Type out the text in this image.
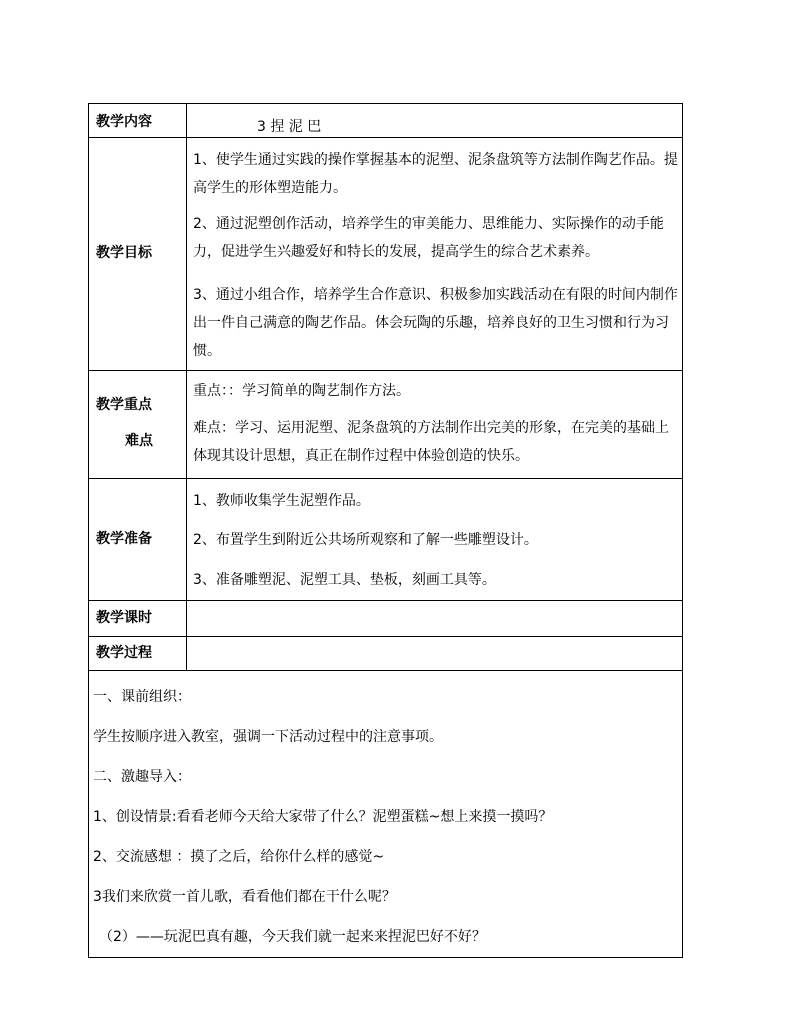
教学内容	3 捏 泥 巴
教学目标

1、使学生通过实践的操作掌握基本的泥塑、泥条盘筑等方法制作陶艺作品。提高学生的形体塑造能力。

2、通过泥塑创作活动，培养学生的审美能力、思维能力、实际操作的动手能力，促进学生兴趣爱好和特长的发展，提高学生的综合艺术素养。

3、通过小组合作，培养学生合作意识、积极参加实践活动在有限的时间内制作出一件自己满意的陶艺作品。体会玩陶的乐趣，培养良好的卫生习惯和行为习惯。

教学重点
难点
重点：：学习简单的陶艺制作方法。

难点：学习、运用泥塑、泥条盘筑的方法制作出完美的形象，在完美的基础上体现其设计思想，真正在制作过程中体验创造的快乐。

教学准备
1、教师收集学生泥塑作品。
2、布置学生到附近公共场所观察和了解一些雕塑设计。
3、准备雕塑泥、泥塑工具、垫板，刻画工具等。
教学课时
教学过程
一、课前组织：
学生按顺序进入教室，强调一下活动过程中的注意事项。
二、激趣导入：
1、创设情景:看看老师今天给大家带了什么？泥塑蛋糕~想上来摸一摸吗？
2、交流感想 ：摸了之后，给你什么样的感觉~
3我们来欣赏一首儿歌，看看他们都在干什么呢？
（2）——玩泥巴真有趣，今天我们就一起来来捏泥巴好不好？
